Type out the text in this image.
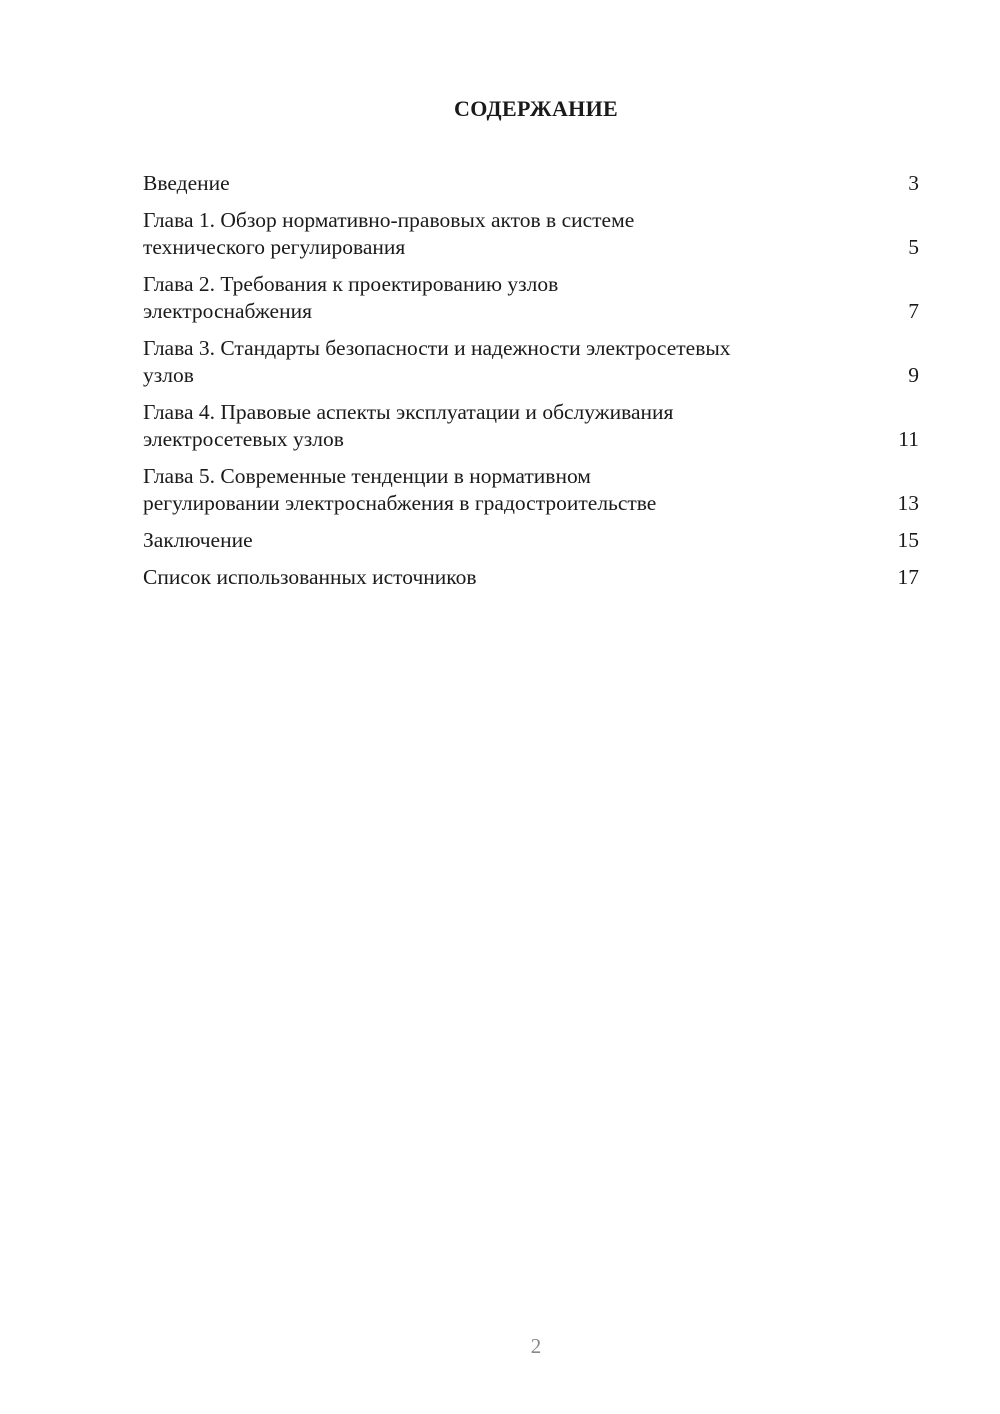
СОДЕРЖАНИЕ
Введение	3
Глава 1. Обзор нормативно-правовых актов в системе
технического регулирования	5
Глава 2. Требования к проектированию узлов
электроснабжения	7
Глава 3. Стандарты безопасности и надежности электросетевых
узлов	9
Глава 4. Правовые аспекты эксплуатации и обслуживания
электросетевых узлов	11
Глава 5. Современные тенденции в нормативном
регулировании электроснабжения в градостроительстве	13
Заключение	15
Список использованных источников	17
2
